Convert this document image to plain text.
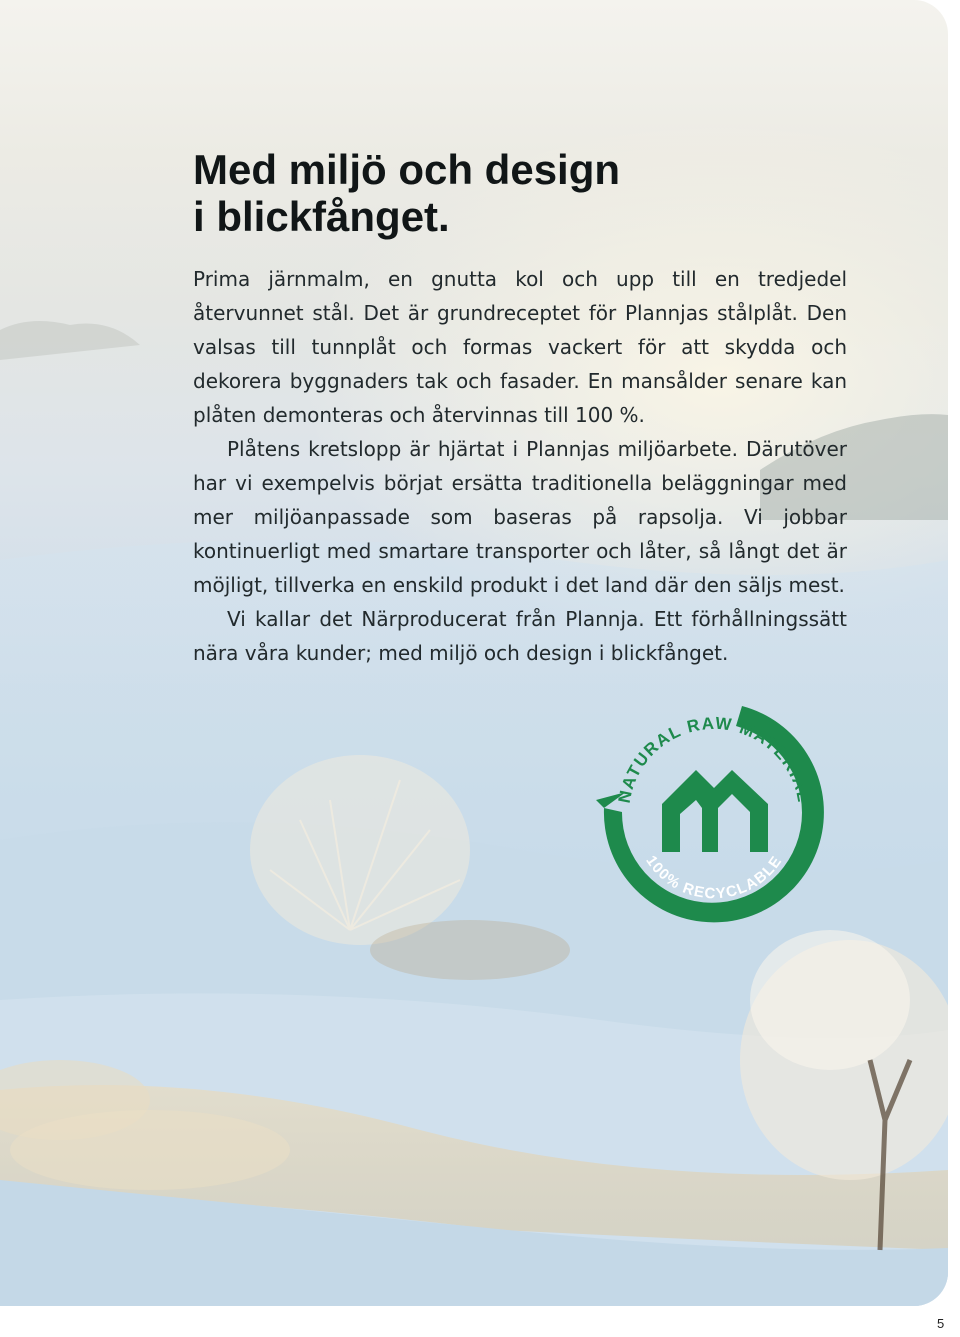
Med miljö och design
i blickfånget.

Prima järnmalm, en gnutta kol och upp till en tredjedel återvunnet stål. Det är grundreceptet för Plannjas stålplåt. Den valsas till tunnplåt och formas vackert för att skydda och dekorera byggnaders tak och fasader. En mansålder senare kan plåten demonteras och återvinnas till 100 %.

Plåtens kretslopp är hjärtat i Plannjas miljöarbete. Därutöver har vi exempelvis börjat ersätta traditionella beläggningar med mer miljöanpassade som baseras på rapsolja. Vi jobbar kontinuerligt med smartare transporter och låter, så långt det är möjligt, tillverka en enskild produkt i det land där den säljs mest.

Vi kallar det Närproducerat från Plannja. Ett förhållningssätt nära våra kunder; med miljö och design i blickfånget.

NATURAL RAW MATERIAL
100% RECYCLABLE
5
